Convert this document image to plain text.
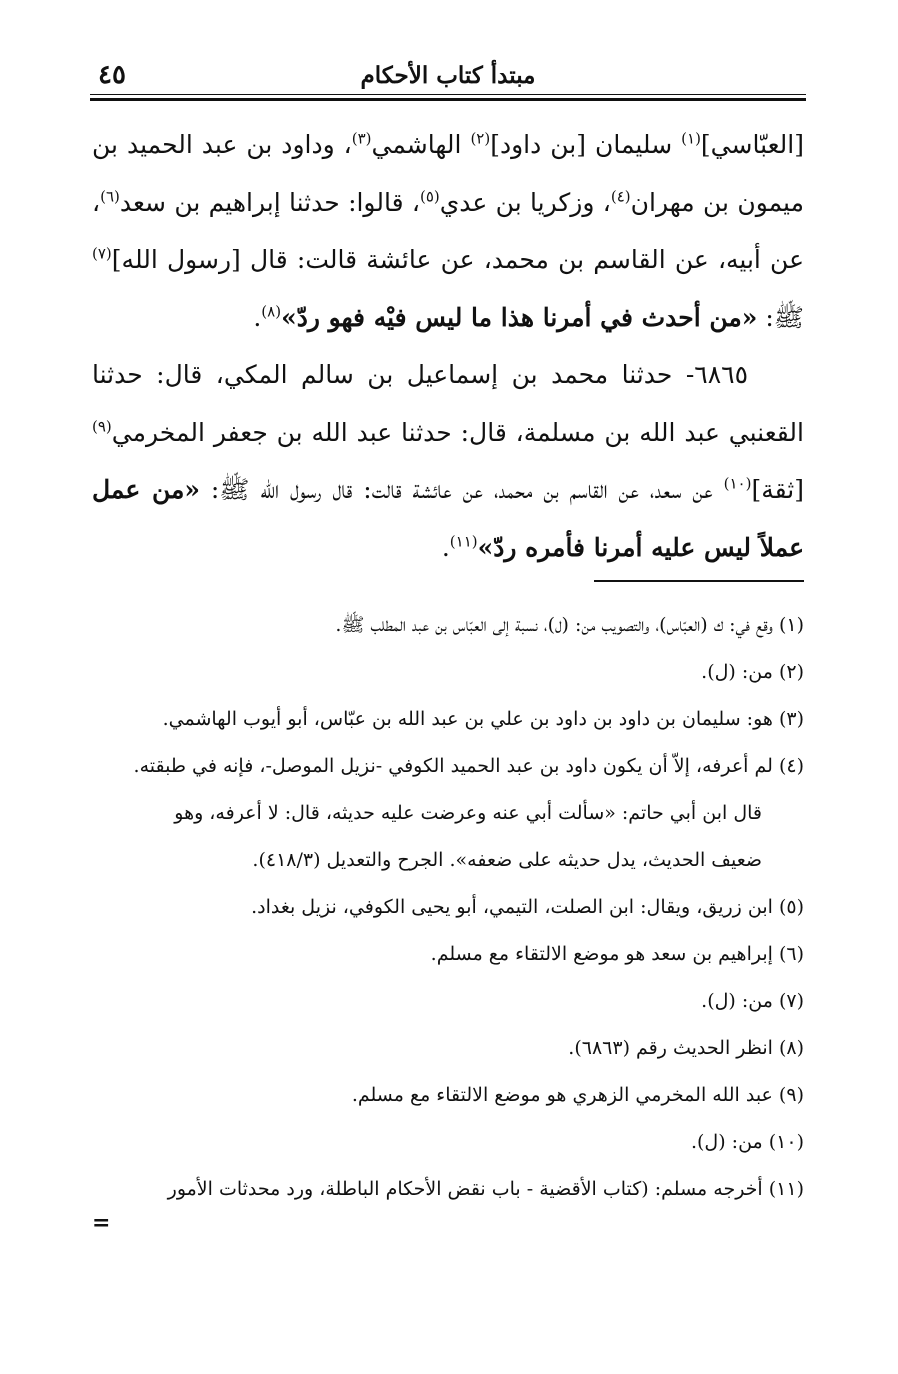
مبتدأ كتاب الأحكام
٤٥

[العبّاسي]$^{(١)}$ سليمان [بن داود]$^{(٢)}$ الهاشمي$^{(٣)}$، وداود بن عبد الحميد بن ميمون بن مهران$^{(٤)}$، وزكريا بن عدي$^{(٥)}$، قالوا: حدثنا إبراهيم بن سعد$^{(٦)}$، عن أبيه، عن القاسم بن محمد، عن عائشة قالت: قال [رسول الله]$^{(٧)}$ ﷺ: «من أحدث في أمرنا هذا ما ليس فيْه فهو ردّ»$^{(٨)}$.

٦٨٦٥- حدثنا محمد بن إسماعيل بن سالم المكي، قال: حدثنا القعنبي عبد الله بن مسلمة، قال: حدثنا عبد الله بن جعفر المخرمي$^{(٩)}$ [ثقة]$^{(١٠)}$ عن سعد، عن القاسم بن محمد، عن عائشة قالت: قال رسول الله ﷺ: «من عمل عملاً ليس عليه أمرنا فأمره ردّ»$^{(١١)}$.

(١) وقع في: ك (العبّاس)، والتصويب من: (ل)، نسبة إلى العبّاس بن عبد المطلب ﷺ.

(٢) من: (ل).

(٣) هو: سليمان بن داود بن داود بن علي بن عبد الله بن عبّاس، أبو أيوب الهاشمي.

(٤) لم أعرفه، إلاّ أن يكون داود بن عبد الحميد الكوفي -نزيل الموصل-، فإنه في طبقته.

قال ابن أبي حاتم: «سألت أبي عنه وعرضت عليه حديثه، قال: لا أعرفه، وهو

ضعيف الحديث، يدل حديثه على ضعفه». الجرح والتعديل (٤١٨/٣).

(٥) ابن زريق، ويقال: ابن الصلت، التيمي، أبو يحيى الكوفي، نزيل بغداد.

(٦) إبراهيم بن سعد هو موضع الالتقاء مع مسلم.

(٧) من: (ل).

(٨) انظر الحديث رقم (٦٨٦٣).

(٩) عبد الله المخرمي الزهري هو موضع الالتقاء مع مسلم.

(١٠) من: (ل).

(١١) أخرجه مسلم: (كتاب الأقضية - باب نقض الأحكام الباطلة، ورد محدثات الأمور

=
